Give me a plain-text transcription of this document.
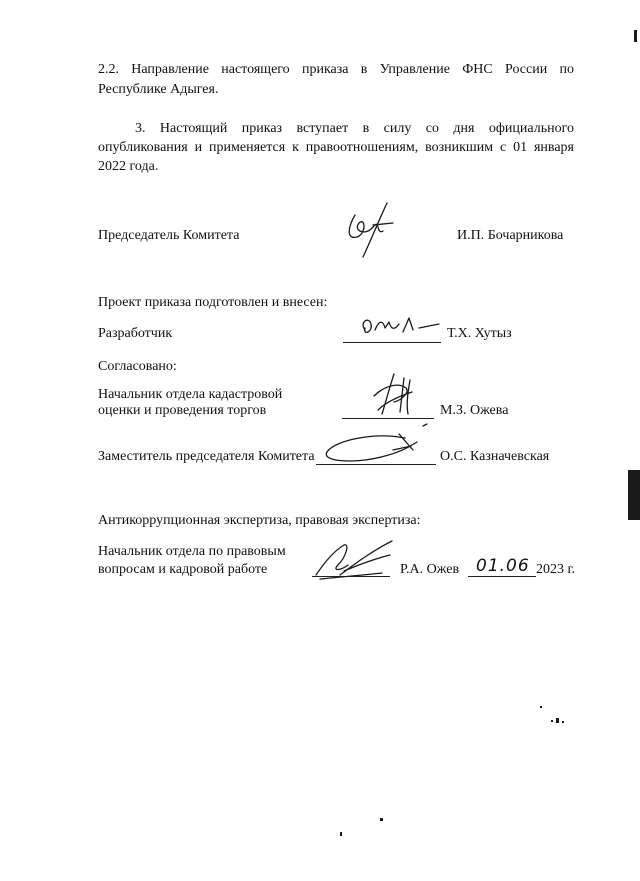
2.2. Направление настоящего приказа в Управление ФНС России по
Республике Адыгея.
3. Настоящий приказ вступает в силу со дня официального
опубликования и применяется к правоотношениям, возникшим с 01 января
2022 года.
Председатель Комитета	И.П. Бочарникова
Проект приказа подготовлен и внесен:
Разработчик	Т.Х. Хутыз
Согласовано:
Начальник отдела кадастровой
оценки и проведения торгов	М.З. Ожева
Заместитель председателя Комитета	О.С. Казначевская
Антикоррупционная экспертиза, правовая экспертиза:
Начальник отдела по правовым
вопросам и кадровой работе	Р.А. Ожев 01.06 2023 г.
